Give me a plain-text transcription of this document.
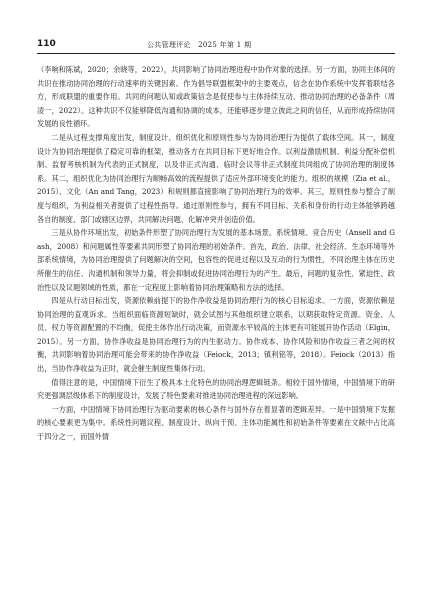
110	公共管理评论　2025 年第 1 期

（李响和陈斌，2020；余晓等，2022），共同影响了协同治理进程中协作对象的选择。另一方面，协同主体间的共识在推动协同治理的行动速率的关键因素。作为倡导联盟框架中的主要观点，信念在协作系统中发挥着联结各方，形成联盟的重要作用。共同的问题认知或政策信念是促使参与主体持续互动、推动协同治理的必备条件（周凌一，2022）。这种共识不仅能够降低沟通和协调的成本，还能够逐步建立彼此之间的信任，从而形成持续协同发展的良性循环。

二是从过程支撑角度出发，制度设计、组织优化和原则性参与为协同治理行为提供了载体空间。其一，制度设计为协同治理提供了稳定可靠的框架，推动各方在共同目标下更好地合作。以利益激励机制、利益分配补偿机制、监督考核机制为代表的正式制度，以及非正式沟通、临时会议等非正式制度共同组成了协同治理的制度体系。其二，组织优化为协同治理行为顺畅高效的流程提供了适应外部环境变化的能力。组织的规模（Zia et al.，2015）、文化（An and Tang，2023）和规则都直接影响了协同治理行为的效率。其三，原则性参与整合了制度与组织，为利益相关者提供了过程性指导。通过原则性参与，拥有不同目标、关系和身份的行动主体能够跨越各自的制度、部门或辖区边界，共同解决问题、化解冲突并创造价值。

三是从协作环境出发，初始条件形塑了协同治理行为发展的基本场景。系统情境、竞合历史（Ansell and Gash，2008）和问题属性等要素共同形塑了协同治理的初始条件。首先，政治、法律、社会经济、生态环境等外部系统情境，为协同治理提供了问题解决的空间，包容性的促进过程以及互动的行为惯性，不同治理主体在历史所催生的信任、沟通机制和领导力量，将会抑制或促进协同治理行为的产生。最后，问题的复杂性、紧迫性、政治性以及议题领域的性质，都在一定程度上影响着协同治理策略和方法的选择。

四是从行动目标出发，资源依赖前提下的协作净收益是协同治理行为的核心目标追求。一方面，资源依赖是协同治理的直观诉求。当组织面临资源短缺时，就会试图与其他组织建立联系，以期获取特定资源。资金、人员、权力等资源配置的不均衡，促使主体作出行动决策，而资源水平较高的主体更有可能展开协作活动（Elgin，2015）。另一方面，协作净收益是协同治理行为的内生驱动力。协作成本、协作风险和协作收益三者之间的权衡，共同影响着协同治理可能会带来的协作净收益（Feiock，2013；镇利铭等，2018）。Feiock（2013）指出，当协作净收益为正时，就会催生制度性集体行动。

值得注意的是，中国情境下衍生了极具本土化特色的协同治理逻辑链条。相较于国外情境，中国情境下的研究更强调层级体系下的制度设计，发展了特色要素对推进协同治理进程的深远影响。

一方面，中国情境下协同治理行为驱动要素的核心条件与国外存在着显著的逻辑差异。一是中国情境下发掘的核心要素更为集中。系统性问题议程、制度设计、纵向干预、主体功能属性和初始条件等要素在文献中占比高于四分之一，而国外情
